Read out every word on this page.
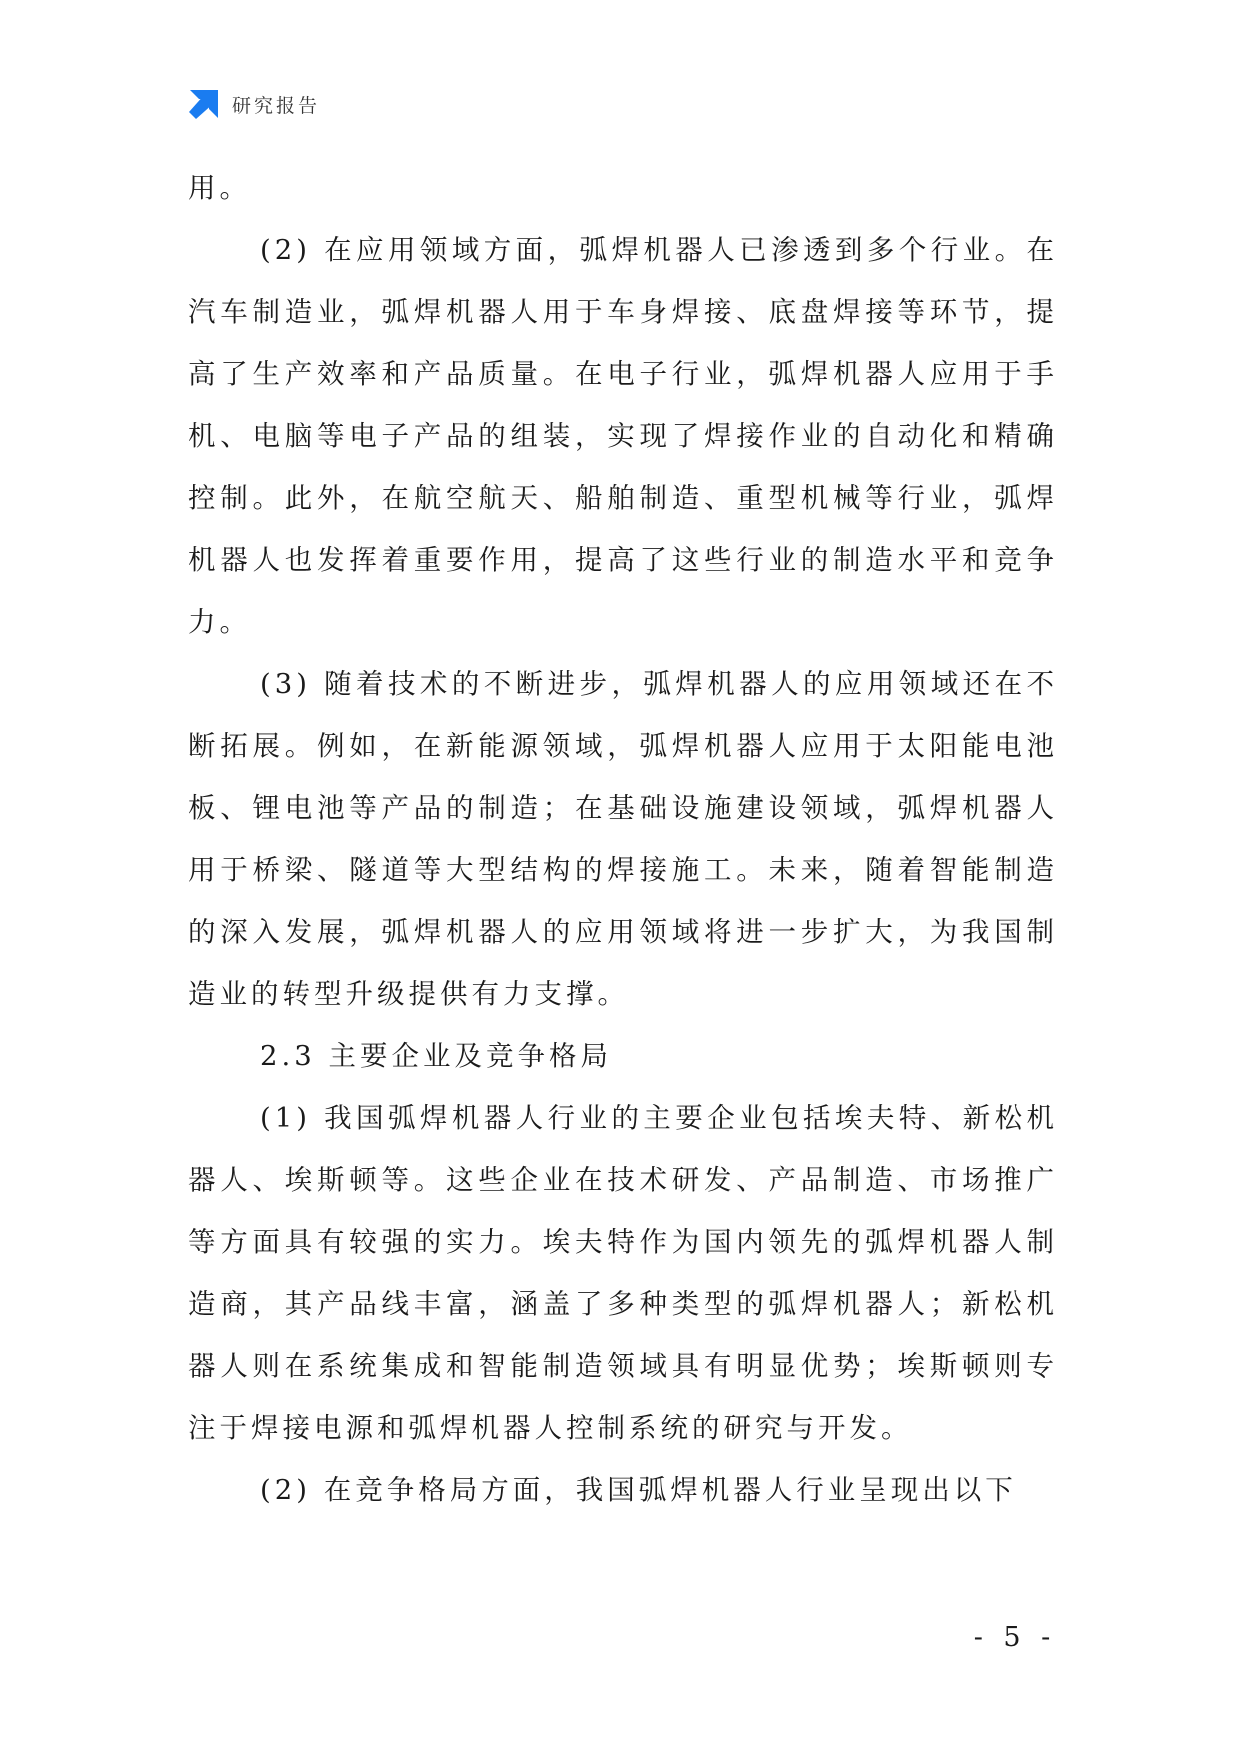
研究报告

用。

(2) 在应用领域方面，弧焊机器人已渗透到多个行业。在汽车制造业，弧焊机器人用于车身焊接、底盘焊接等环节，提高了生产效率和产品质量。在电子行业，弧焊机器人应用于手机、电脑等电子产品的组装，实现了焊接作业的自动化和精确控制。此外，在航空航天、船舶制造、重型机械等行业，弧焊机器人也发挥着重要作用，提高了这些行业的制造水平和竞争力。

(3) 随着技术的不断进步，弧焊机器人的应用领域还在不断拓展。例如，在新能源领域，弧焊机器人应用于太阳能电池板、锂电池等产品的制造；在基础设施建设领域，弧焊机器人用于桥梁、隧道等大型结构的焊接施工。未来，随着智能制造的深入发展，弧焊机器人的应用领域将进一步扩大，为我国制造业的转型升级提供有力支撑。

2.3 主要企业及竞争格局

(1) 我国弧焊机器人行业的主要企业包括埃夫特、新松机器人、埃斯顿等。这些企业在技术研发、产品制造、市场推广等方面具有较强的实力。埃夫特作为国内领先的弧焊机器人制造商，其产品线丰富，涵盖了多种类型的弧焊机器人；新松机器人则在系统集成和智能制造领域具有明显优势；埃斯顿则专注于焊接电源和弧焊机器人控制系统的研究与开发。

(2) 在竞争格局方面，我国弧焊机器人行业呈现出以下

- 5 -
